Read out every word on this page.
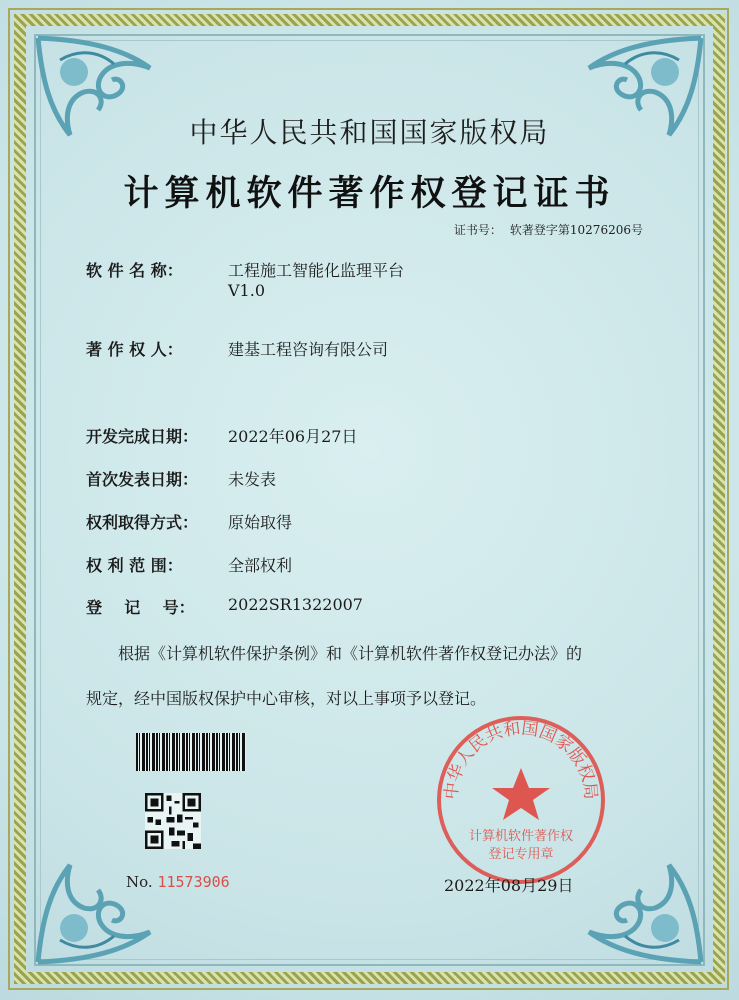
中华人民共和国国家版权局
计算机软件著作权登记证书
证书号： 软著登字第10276206号
软 件 名 称：	工程施工智能化监理平台
V1.0
著 作 权 人：	建基工程咨询有限公司
开发完成日期： 2022年06月27日
首次发表日期： 未发表
权利取得方式： 原始取得
权 利 范 围：	全部权利
登    记    号： 2022SR1322007
根据《计算机软件保护条例》和《计算机软件著作权登记办法》的
规定，经中国版权保护中心审核，对以上事项予以登记。
No. 11573906
中华人民共和国国家版权局
计算机软件著作权
登记专用章
2022年08月29日
